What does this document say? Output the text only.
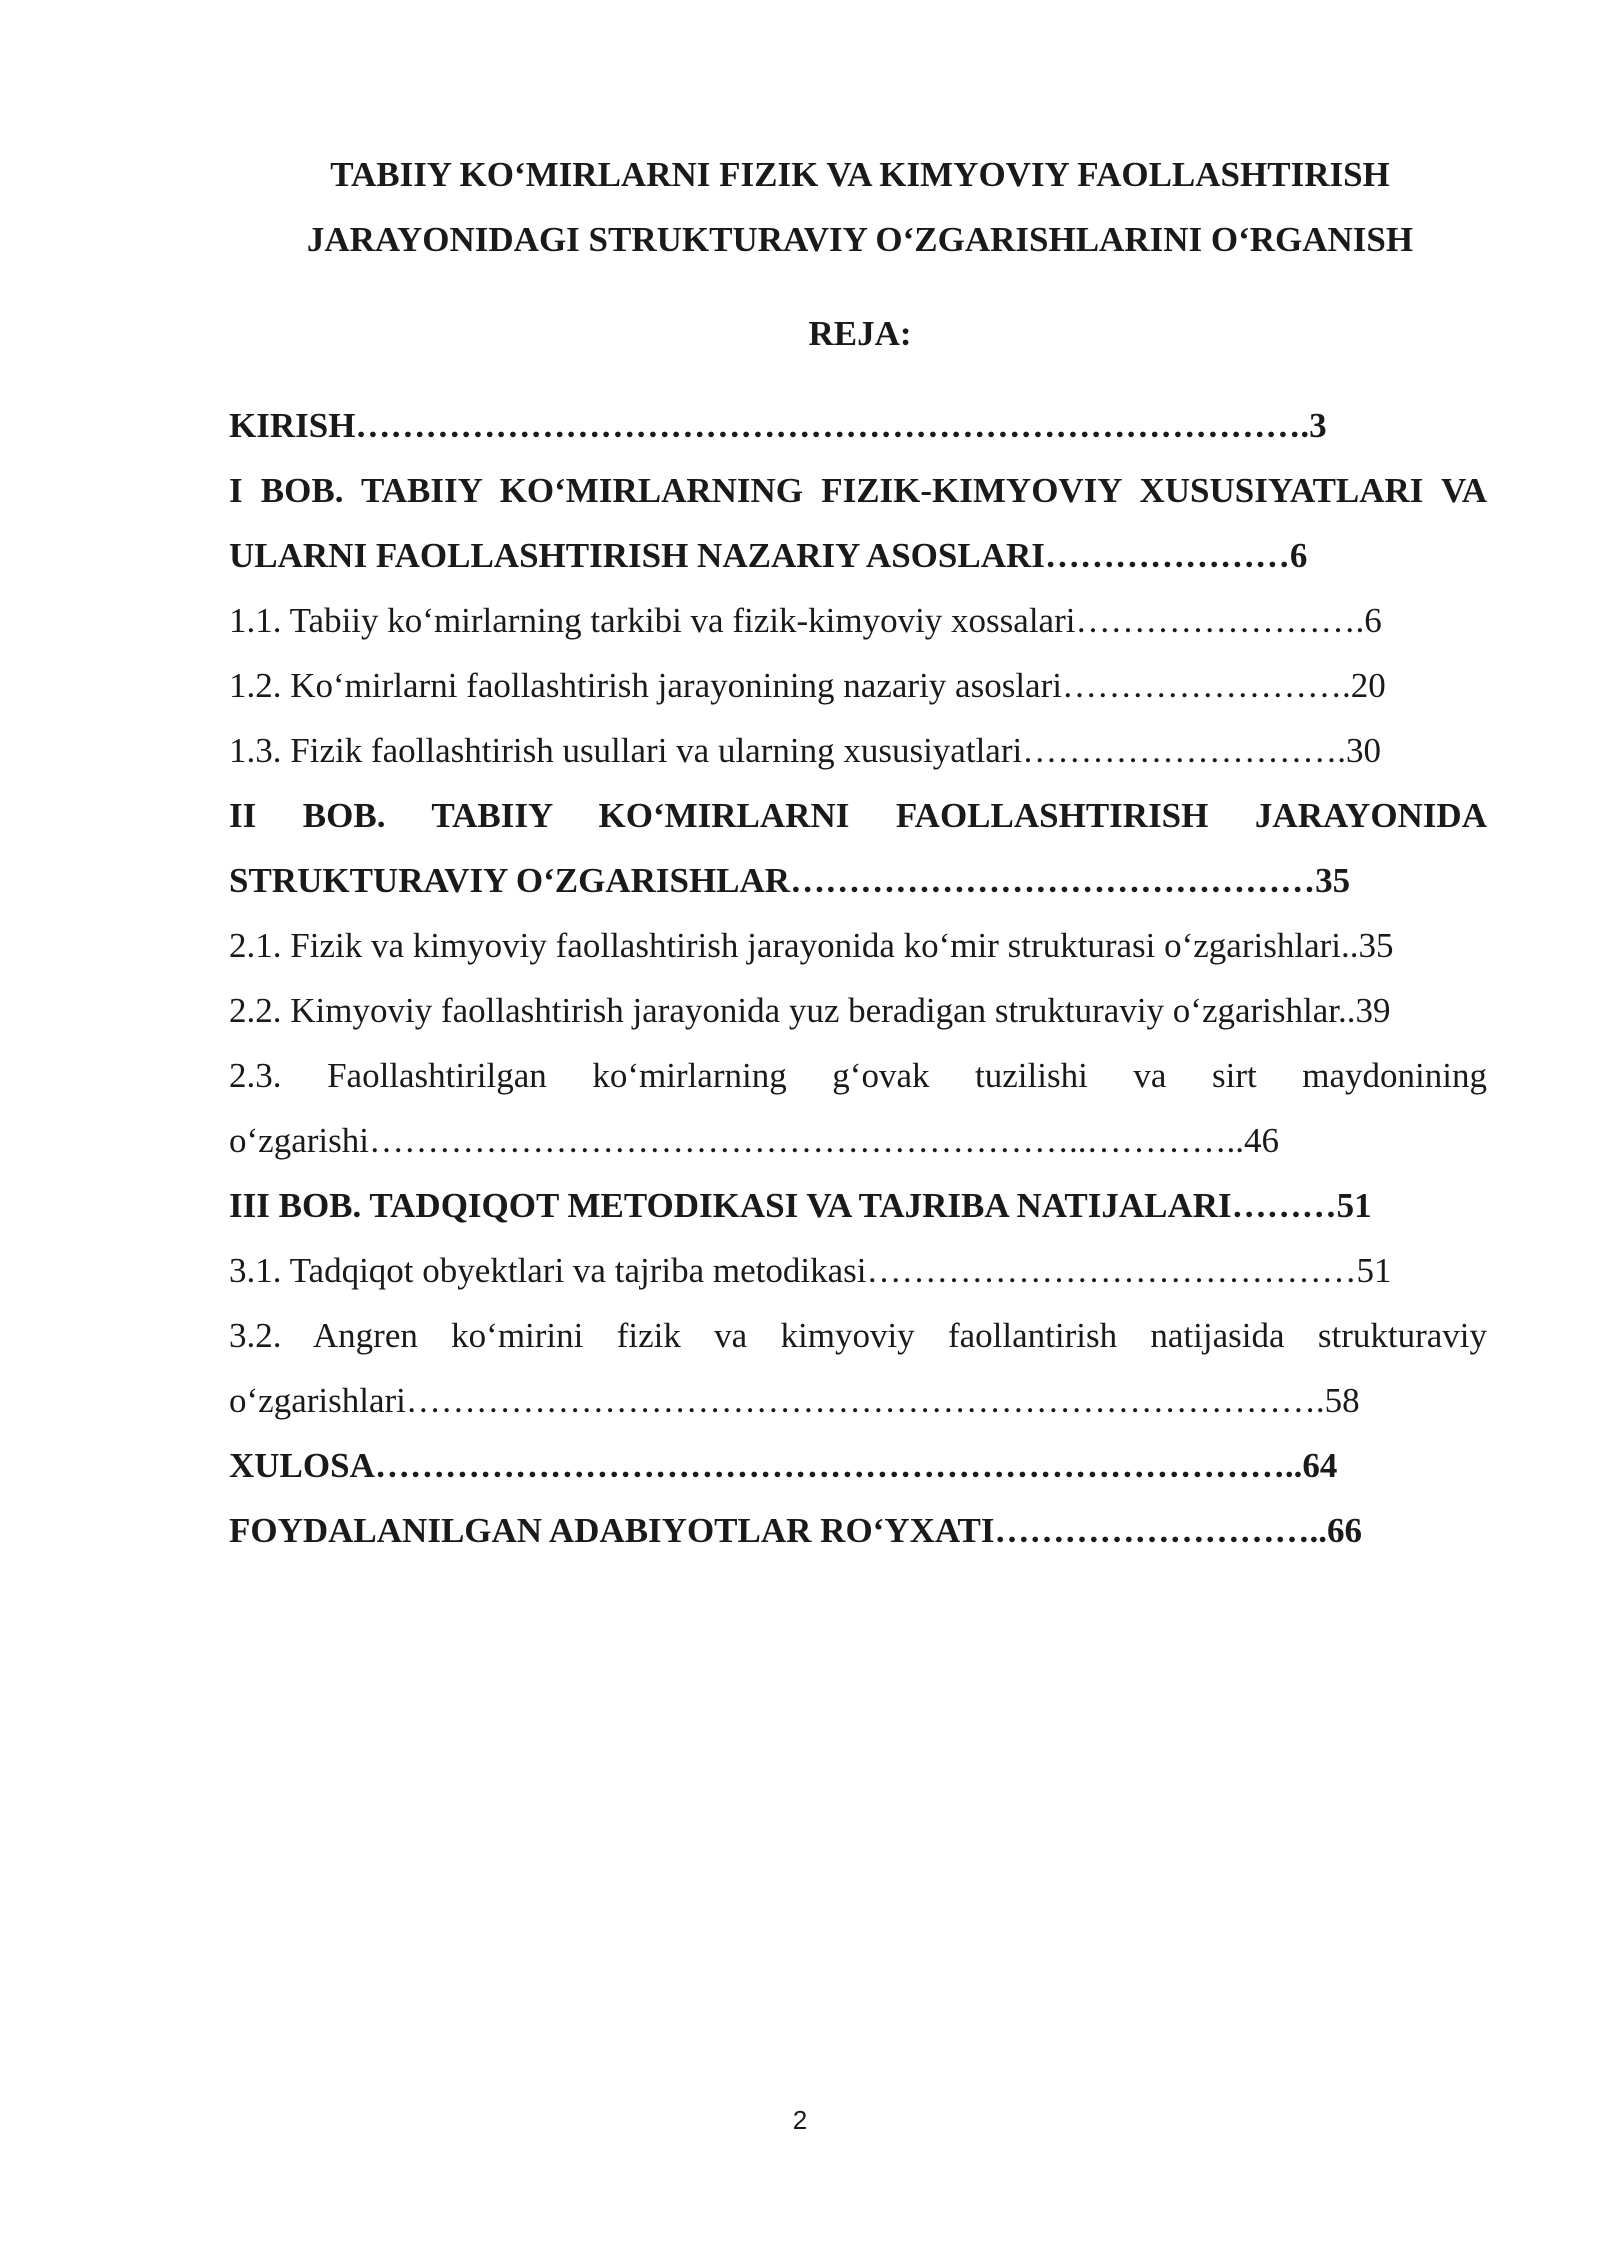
TABIIY KO‘MIRLARNI FIZIK VA KIMYOVIY FAOLLASHTIRISH JARAYONIDAGI STRUKTURAVIY O‘ZGARISHLARINI O‘RGANISH
REJA:

KIRISH……………………………………………………………………….3

I BOB. TABIIY KO‘MIRLARNING FIZIK-KIMYOVIY XUSUSIYATLARI VA ULARNI FAOLLASHTIRISH NAZARIY ASOSLARI…………………6

1.1. Tabiiy ko‘mirlarning tarkibi va fizik-kimyoviy xossalari…………………….6

1.2. Ko‘mirlarni faollashtirish jarayonining nazariy asoslari…………………….20

1.3. Fizik faollashtirish usullari va ularning xususiyatlari……………………….30

II BOB. TABIIY KO‘MIRLARNI FAOLLASHTIRISH JARAYONIDA STRUKTURAVIY O‘ZGARISHLAR………………………………………35

2.1. Fizik va kimyoviy faollashtirish jarayonida ko‘mir strukturasi o‘zgarishlari..35

2.2. Kimyoviy faollashtirish jarayonida yuz beradigan strukturaviy o‘zgarishlar..39

2.3. Faollashtirilgan ko‘mirlarning g‘ovak tuzilishi va sirt maydonining o‘zgarishi……………………………………………………..…………..46

III BOB. TADQIQOT METODIKASI VA TAJRIBA NATIJALARI………51

3.1. Tadqiqot obyektlari va tajriba metodikasi……………………………………51

3.2. Angren ko‘mirini fizik va kimyoviy faollantirish natijasida strukturaviy o‘zgarishlari…………………………………………………………………….58

XULOSA……………………………………………………………………..64

FOYDALANILGAN ADABIYOTLAR RO‘YXATI………………………..66

2
